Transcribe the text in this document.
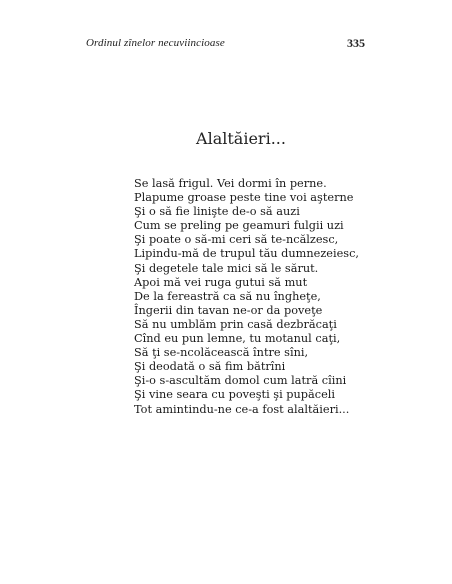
Ordinul zînelor necuviincioase	335
Alaltăieri...
Se lasă frigul. Vei dormi în perne.
Plapume groase peste tine voi aşterne
Şi o să fie linişte de-o să auzi
Cum se preling pe geamuri fulgii uzi
Şi poate o să-mi ceri să te-ncălzesc,
Lipindu-mă de trupul tău dumnezeiesc,
Şi degetele tale mici să le sărut.
Apoi mă vei ruga gutui să mut
De la fereastră ca să nu îngheţe,
Îngerii din tavan ne-or da poveţe
Să nu umblăm prin casă dezbrăcaţi
Cînd eu pun lemne, tu motanul caţi,
Să ţi se-ncolăcească între sîni,
Şi deodată o să fim bătrîni
Şi-o s-ascultăm domol cum latră cîini
Şi vine seara cu poveşti şi pupăceli
Tot amintindu-ne ce-a fost alaltăieri...
